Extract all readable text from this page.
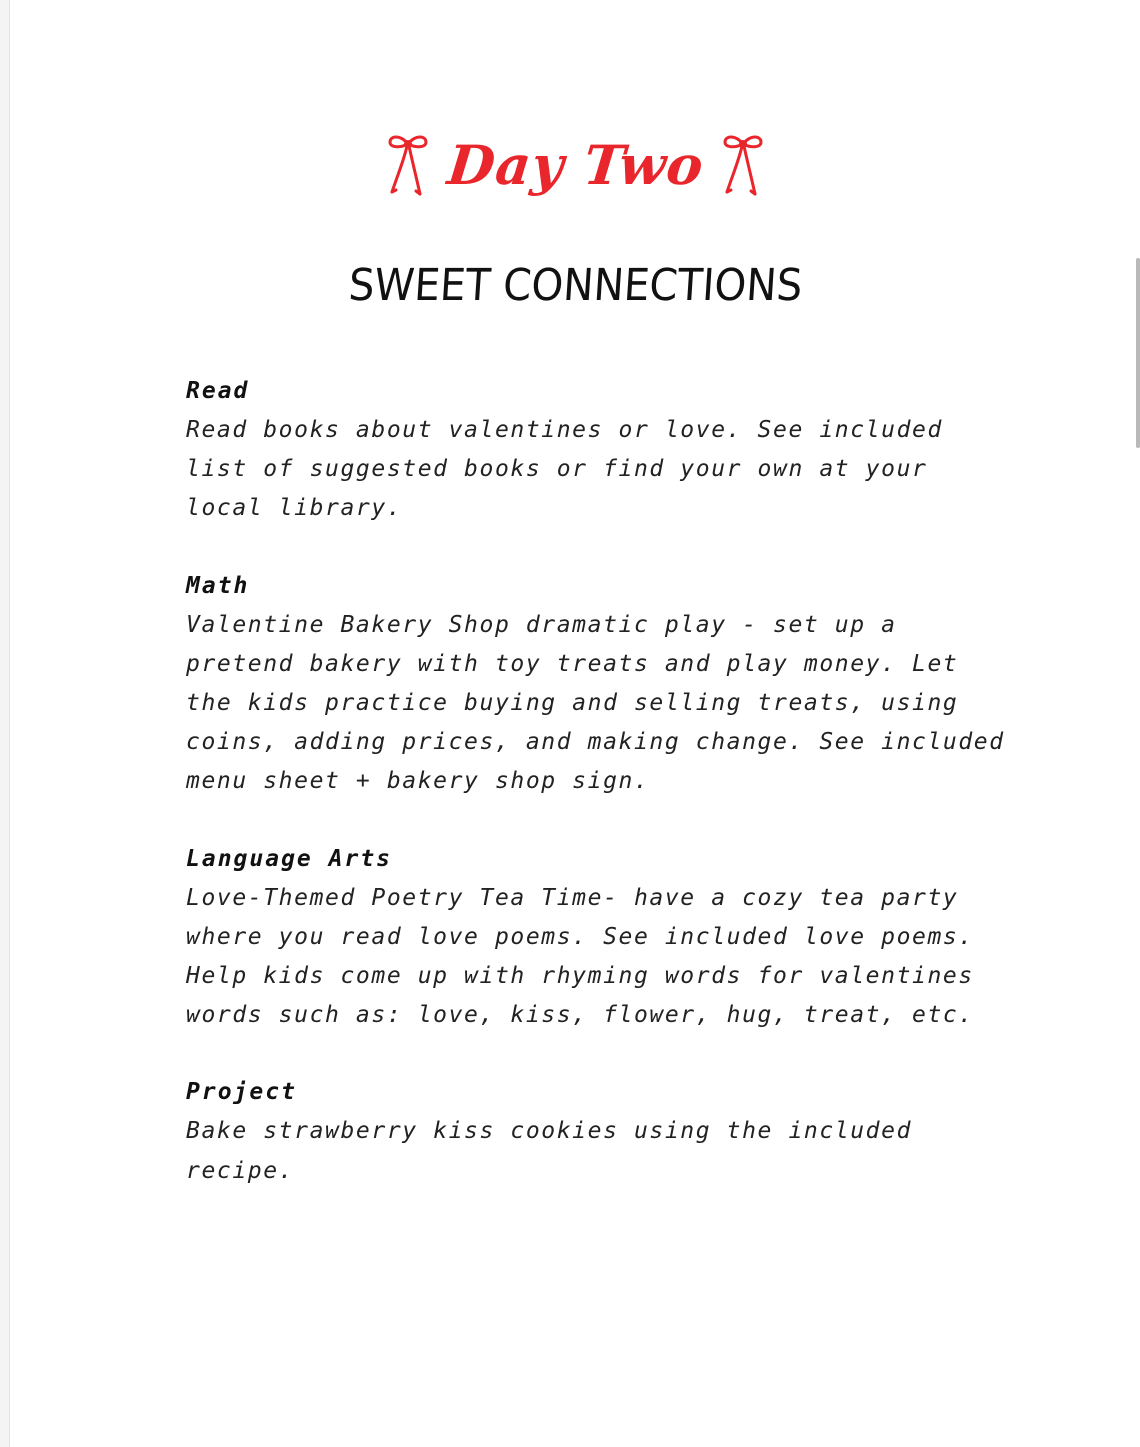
Day Two
SWEET CONNECTIONS

Read

Read books about valentines or love. See included list of suggested books or find your own at your local library.

Math

Valentine Bakery Shop dramatic play - set up a pretend bakery with toy treats and play money. Let the kids practice buying and selling treats, using coins, adding prices, and making change. See included menu sheet + bakery shop sign.

Language Arts

Love-Themed Poetry Tea Time- have a cozy tea party where you read love poems. See included love poems. Help kids come up with rhyming words for valentines words such as: love, kiss, flower, hug, treat, etc.

Project

Bake strawberry kiss cookies using the included recipe.
